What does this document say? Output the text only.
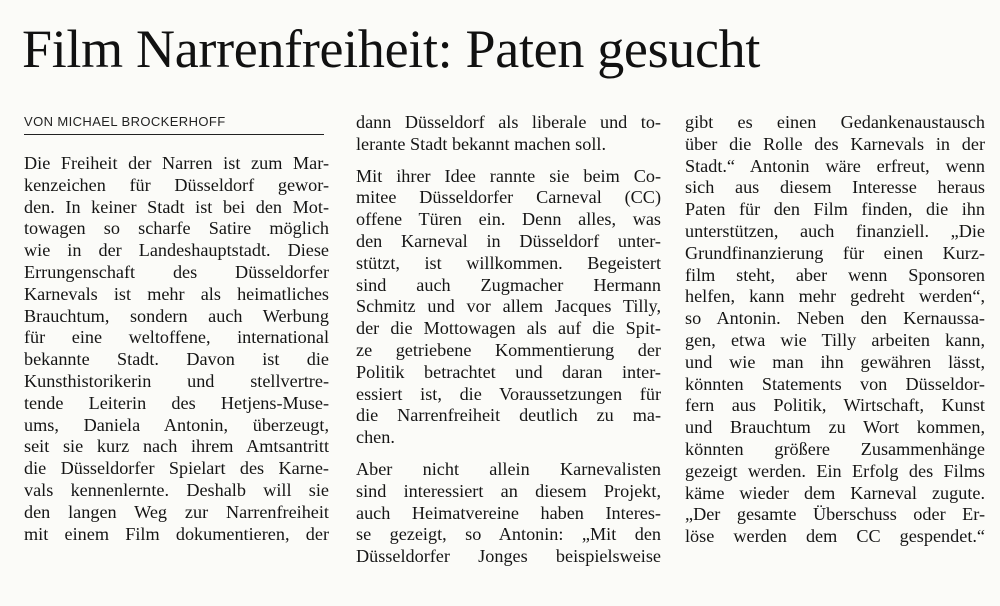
Film Narrenfreiheit: Paten gesucht
VON MICHAEL BROCKERHOFF
Die Freiheit der Narren ist zum Mar-
kenzeichen für Düsseldorf gewor-
den. In keiner Stadt ist bei den Mot-
towagen so scharfe Satire möglich
wie in der Landeshauptstadt. Diese
Errungenschaft des Düsseldorfer
Karnevals ist mehr als heimatliches
Brauchtum, sondern auch Werbung
für eine weltoffene, international
bekannte Stadt. Davon ist die
Kunsthistorikerin und stellvertre-
tende Leiterin des Hetjens-Muse-
ums, Daniela Antonin, überzeugt,
seit sie kurz nach ihrem Amtsantritt
die Düsseldorfer Spielart des Karne-
vals kennenlernte. Deshalb will sie
den langen Weg zur Narrenfreiheit
mit einem Film dokumentieren, der
dann Düsseldorf als liberale und to-
lerante Stadt bekannt machen soll.
Mit ihrer Idee rannte sie beim Co-
mitee Düsseldorfer Carneval (CC)
offene Türen ein. Denn alles, was
den Karneval in Düsseldorf unter-
stützt, ist willkommen. Begeistert
sind auch Zugmacher Hermann
Schmitz und vor allem Jacques Tilly,
der die Mottowagen als auf die Spit-
ze getriebene Kommentierung der
Politik betrachtet und daran inter-
essiert ist, die Voraussetzungen für
die Narrenfreiheit deutlich zu ma-
chen.
Aber nicht allein Karnevalisten
sind interessiert an diesem Projekt,
auch Heimatvereine haben Interes-
se gezeigt, so Antonin: „Mit den
Düsseldorfer Jonges beispielsweise
gibt es einen Gedankenaustausch
über die Rolle des Karnevals in der
Stadt.“ Antonin wäre erfreut, wenn
sich aus diesem Interesse heraus
Paten für den Film finden, die ihn
unterstützen, auch finanziell. „Die
Grundfinanzierung für einen Kurz-
film steht, aber wenn Sponsoren
helfen, kann mehr gedreht werden“,
so Antonin. Neben den Kernaussa-
gen, etwa wie Tilly arbeiten kann,
und wie man ihn gewähren lässt,
könnten Statements von Düsseldor-
fern aus Politik, Wirtschaft, Kunst
und Brauchtum zu Wort kommen,
könnten größere Zusammenhänge
gezeigt werden. Ein Erfolg des Films
käme wieder dem Karneval zugute.
„Der gesamte Überschuss oder Er-
löse werden dem CC gespendet.“
